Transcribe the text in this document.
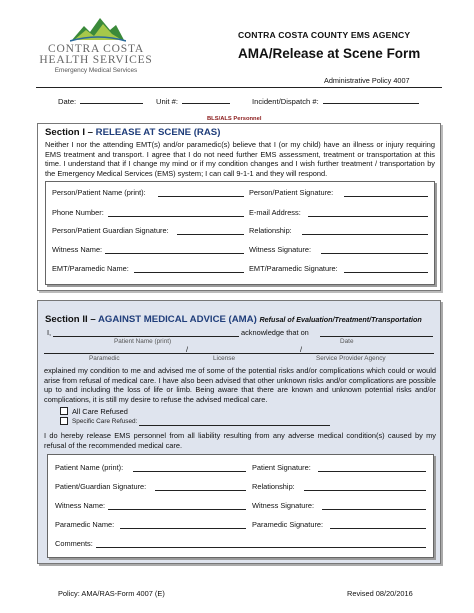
CONTRA COSTA
HEALTH SERVICES
Emergency Medical Services
CONTRA COSTA COUNTY EMS AGENCY
AMA/Release at Scene Form
Administrative Policy 4007
Date:	Unit #:	Incident/Dispatch #:
BLS/ALS Personnel
Section I – RELEASE AT SCENE (RAS)
Neither I nor the attending EMT(s) and/or paramedic(s) believe that I (or my child) have an illness or injury requiring EMS treatment and transport. I agree that I do not need further EMS assessment, treatment or transportation at this time. I understand that if I change my mind or if my condition changes and I wish further treatment / transportation by the Emergency Medical Services (EMS) system; I can call 9-1-1 and they will respond.
Person/Patient Name (print):	Person/Patient Signature:
Phone Number:	E-mail Address:
Person/Patient Guardian Signature:	Relationship:
Witness Name:	Witness Signature:
EMT/Paramedic Name:	EMT/Paramedic Signature:
Section II – AGAINST MEDICAL ADVICE (AMA) Refusal of Evaluation/Treatment/Transportation
I,	acknowledge that on
Patient Name (print)	Date
/	/
Paramedic	License	Service Provider Agency
explained my condition to me and advised me of some of the potential risks and/or complications which could or would arise from refusal of medical care. I have also been advised that other unknown risks and/or complications are possible up to and including the loss of life or limb. Being aware that there are known and unknown potential risks and/or complications, it is still my desire to refuse the advised medical care.
All Care Refused
Specific Care Refused:
I do hereby release EMS personnel from all liability resulting from any adverse medical condition(s) caused by my refusal of the recommended medical care.
Patient Name (print):	Patient Signature:
Patient/Guardian Signature:	Relationship:
Witness Name:	Witness Signature:
Paramedic Name:	Paramedic Signature:
Comments:
Policy: AMA/RAS-Form 4007 (E)	Revised 08/20/2016
